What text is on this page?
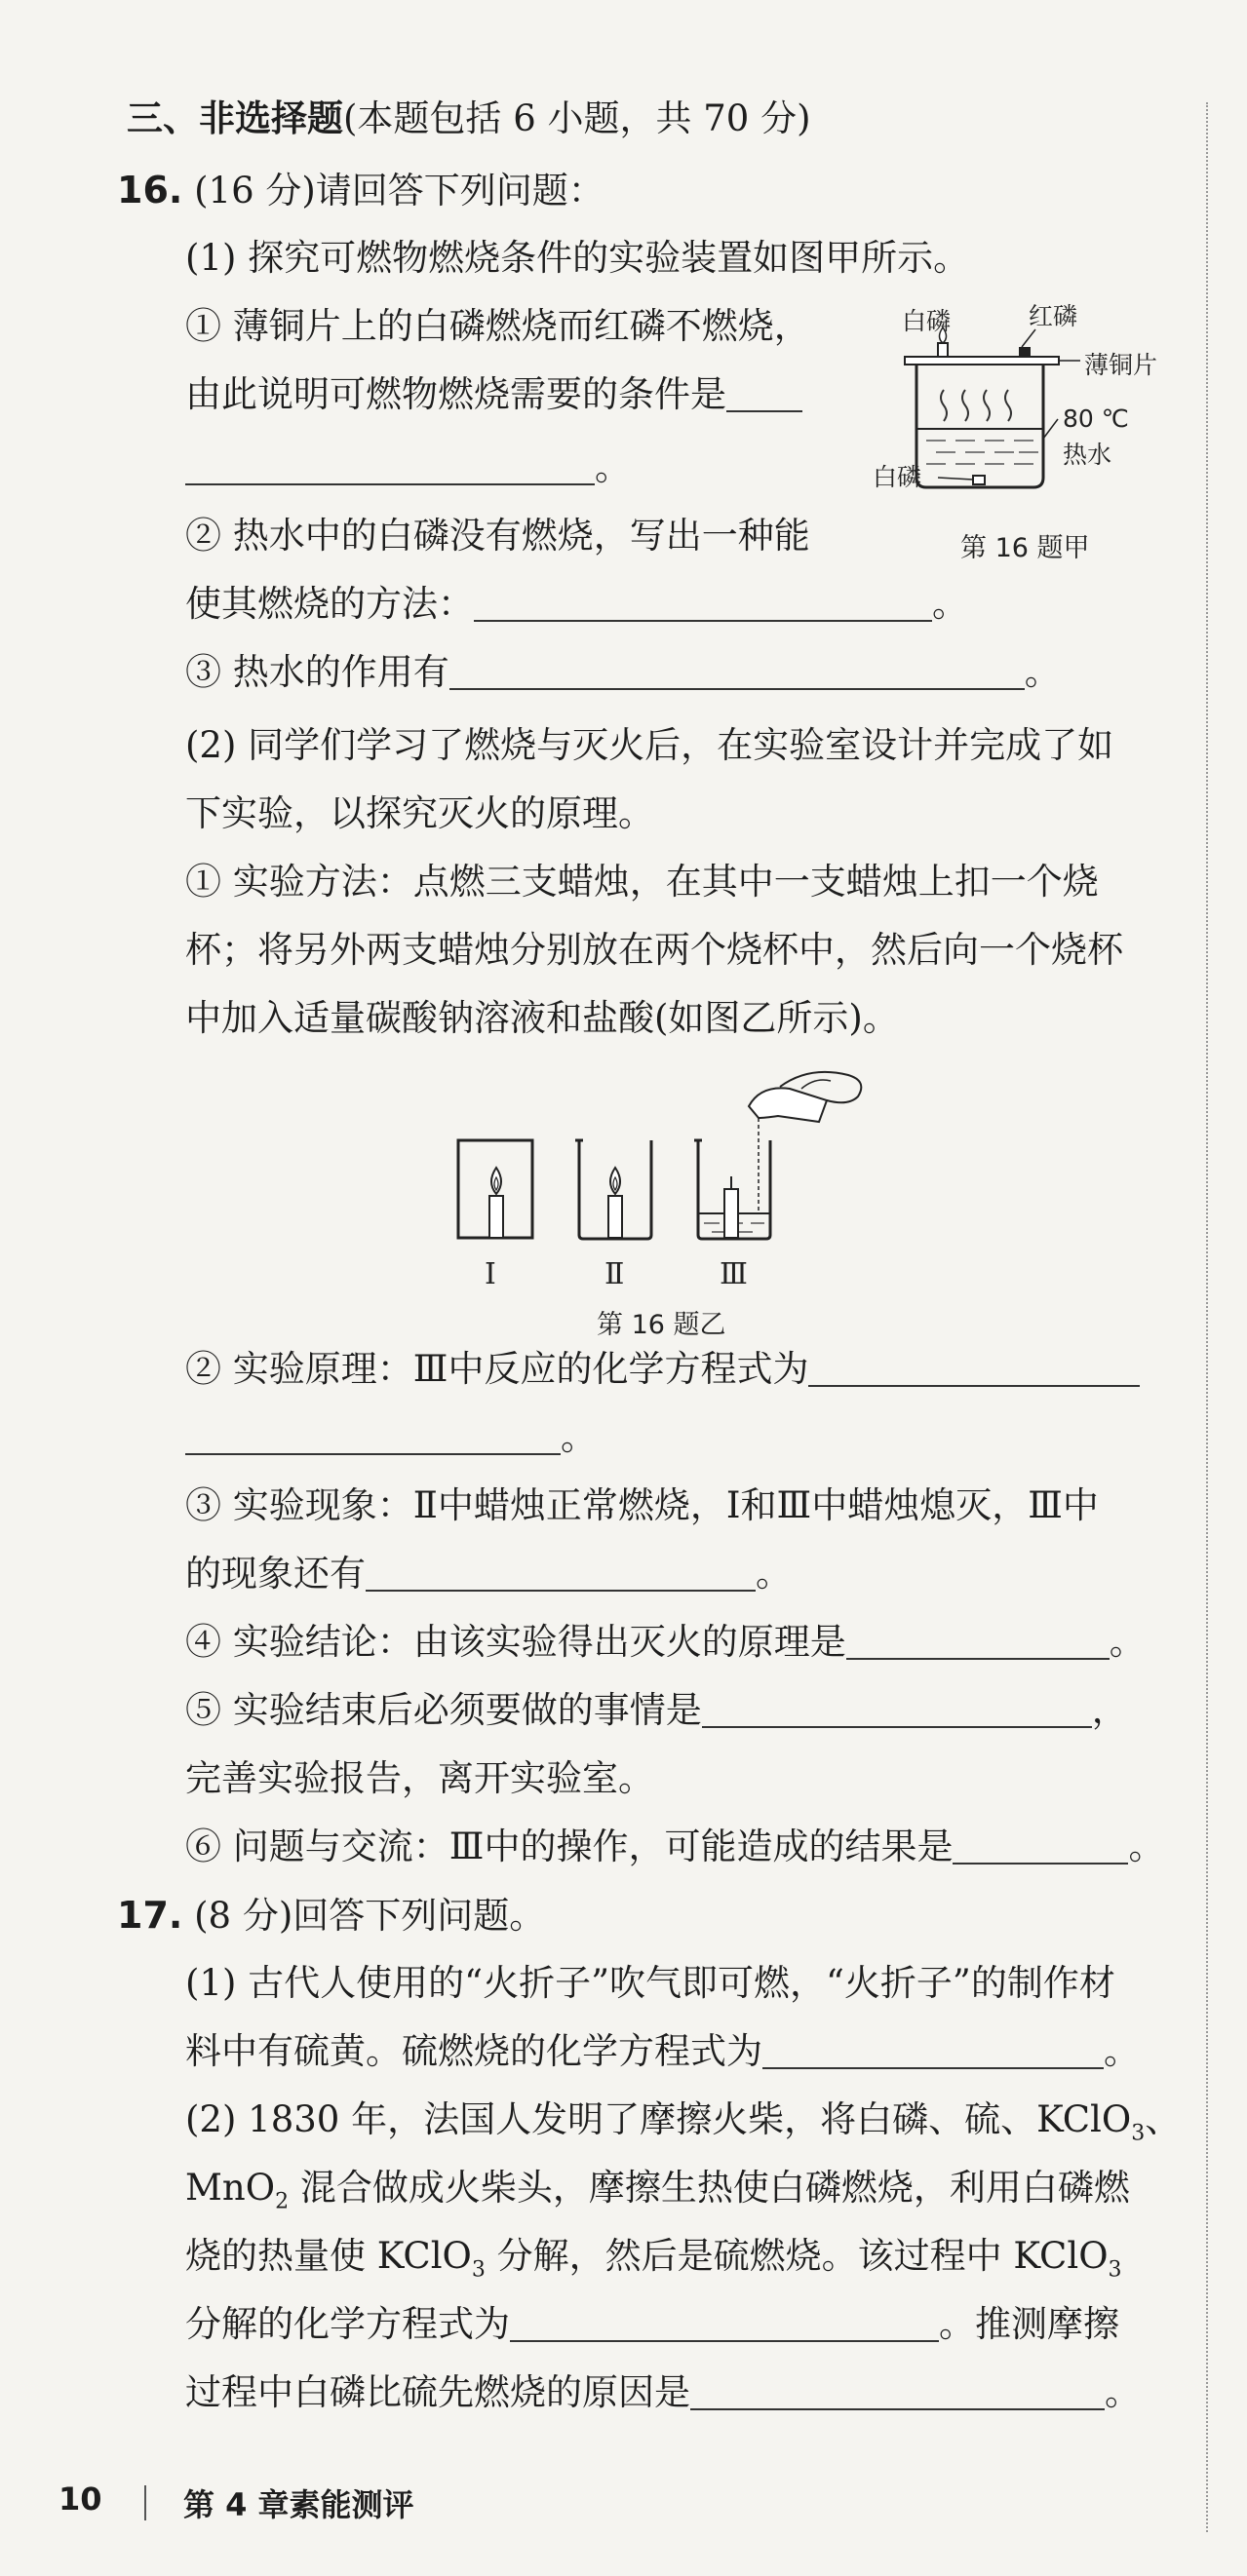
三、非选择题(本题包括 6 小题，共 70 分)
16. (16 分)请回答下列问题：
(1) 探究可燃物燃烧条件的实验装置如图甲所示。
① 薄铜片上的白磷燃烧而红磷不燃烧，
由此说明可燃物燃烧需要的条件是
。
② 热水中的白磷没有燃烧，写出一种能
使其燃烧的方法：	。
③ 热水的作用有	。
白磷	红磷
薄铜片
80 ℃
热水
白磷
第 16 题甲
(2) 同学们学习了燃烧与灭火后，在实验室设计并完成了如
下实验，以探究灭火的原理。
① 实验方法：点燃三支蜡烛，在其中一支蜡烛上扣一个烧
杯；将另外两支蜡烛分别放在两个烧杯中，然后向一个烧杯
中加入适量碳酸钠溶液和盐酸(如图乙所示)。
Ⅰ	Ⅱ	Ⅲ
第 16 题乙
② 实验原理：Ⅲ中反应的化学方程式为
。
③ 实验现象：Ⅱ中蜡烛正常燃烧，Ⅰ和Ⅲ中蜡烛熄灭，Ⅲ中
的现象还有	。
④ 实验结论：由该实验得出灭火的原理是	。
⑤ 实验结束后必须要做的事情是	，
完善实验报告，离开实验室。
⑥ 问题与交流：Ⅲ中的操作，可能造成的结果是	。
17. (8 分)回答下列问题。
(1) 古代人使用的“火折子”吹气即可燃，“火折子”的制作材
料中有硫黄。硫燃烧的化学方程式为	。
(2) 1830 年，法国人发明了摩擦火柴，将白磷、硫、KClO$_3$、
MnO$_2$ 混合做成火柴头，摩擦生热使白磷燃烧，利用白磷燃
烧的热量使 KClO$_3$ 分解，然后是硫燃烧。该过程中 KClO$_3$
分解的化学方程式为	。推测摩擦
过程中白磷比硫先燃烧的原因是	。
10	第 4 章素能测评
